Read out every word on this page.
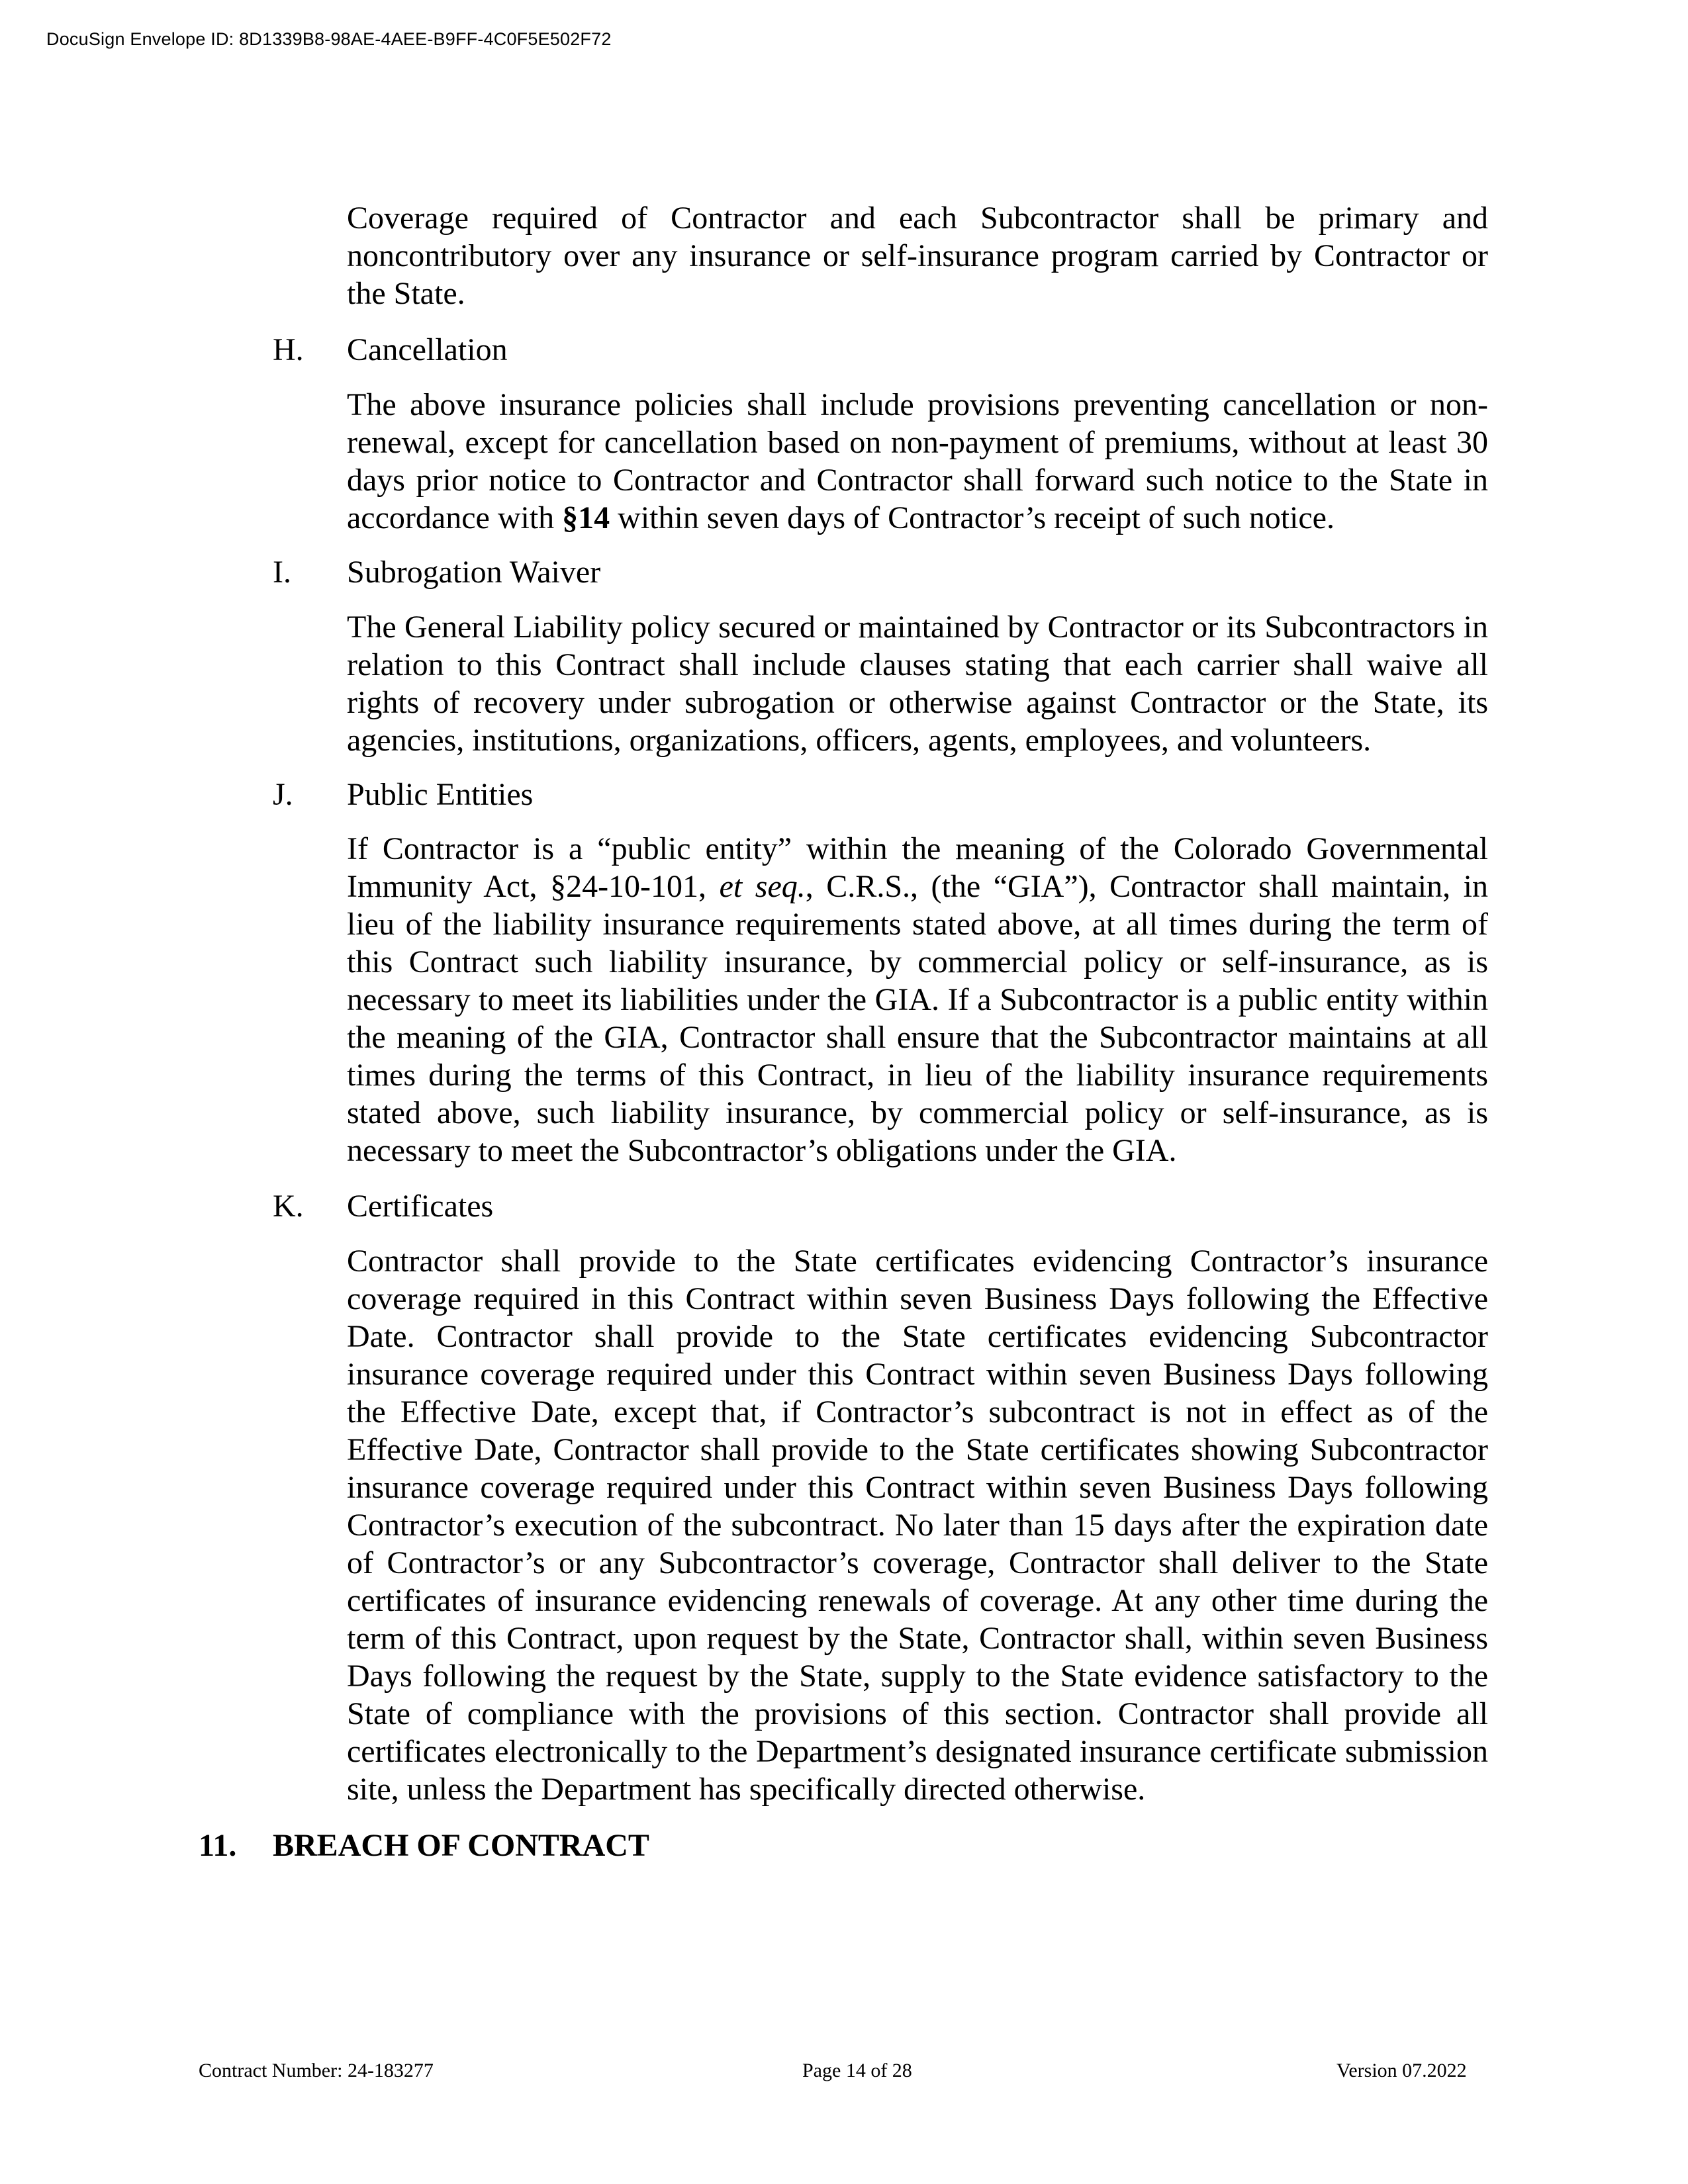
DocuSign Envelope ID: 8D1339B8-98AE-4AEE-B9FF-4C0F5E502F72

Coverage required of Contractor and each Subcontractor shall be primary and noncontributory over any insurance or self-insurance program carried by Contractor or the State.

H. Cancellation

The above insurance policies shall include provisions preventing cancellation or non-renewal, except for cancellation based on non-payment of premiums, without at least 30 days prior notice to Contractor and Contractor shall forward such notice to the State in accordance with §14 within seven days of Contractor’s receipt of such notice.

I. Subrogation Waiver

The General Liability policy secured or maintained by Contractor or its Subcontractors in relation to this Contract shall include clauses stating that each carrier shall waive all rights of recovery under subrogation or otherwise against Contractor or the State, its agencies, institutions, organizations, officers, agents, employees, and volunteers.

J. Public Entities

If Contractor is a “public entity” within the meaning of the Colorado Governmental Immunity Act, §24-10-101, et seq., C.R.S., (the “GIA”), Contractor shall maintain, in lieu of the liability insurance requirements stated above, at all times during the term of this Contract such liability insurance, by commercial policy or self-insurance, as is necessary to meet its liabilities under the GIA. If a Subcontractor is a public entity within the meaning of the GIA, Contractor shall ensure that the Subcontractor maintains at all times during the terms of this Contract, in lieu of the liability insurance requirements stated above, such liability insurance, by commercial policy or self-insurance, as is necessary to meet the Subcontractor’s obligations under the GIA.

K. Certificates

Contractor shall provide to the State certificates evidencing Contractor’s insurance coverage required in this Contract within seven Business Days following the Effective Date. Contractor shall provide to the State certificates evidencing Subcontractor insurance coverage required under this Contract within seven Business Days following the Effective Date, except that, if Contractor’s subcontract is not in effect as of the Effective Date, Contractor shall provide to the State certificates showing Subcontractor insurance coverage required under this Contract within seven Business Days following Contractor’s execution of the subcontract. No later than 15 days after the expiration date of Contractor’s or any Subcontractor’s coverage, Contractor shall deliver to the State certificates of insurance evidencing renewals of coverage. At any other time during the term of this Contract, upon request by the State, Contractor shall, within seven Business Days following the request by the State, supply to the State evidence satisfactory to the State of compliance with the provisions of this section. Contractor shall provide all certificates electronically to the Department’s designated insurance certificate submission site, unless the Department has specifically directed otherwise.

11. BREACH OF CONTRACT
Contract Number: 24-183277	Page 14 of 28	Version 07.2022
